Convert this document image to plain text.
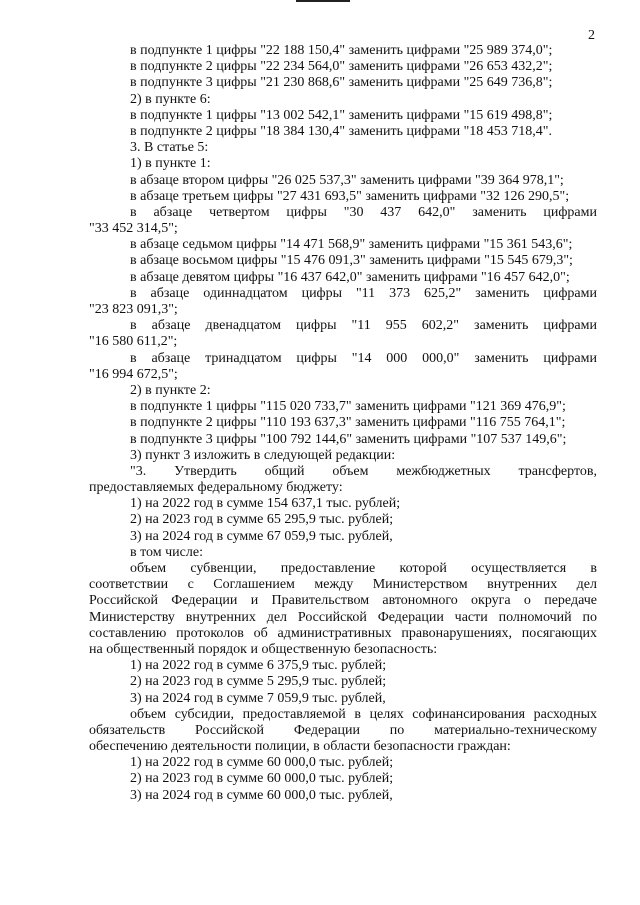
2
в подпункте 1 цифры "22 188 150,4" заменить цифрами "25 989 374,0";
в подпункте 2 цифры "22 234 564,0" заменить цифрами "26 653 432,2";
в подпункте 3 цифры "21 230 868,6" заменить цифрами "25 649 736,8";
2) в пункте 6:
в подпункте 1 цифры "13 002 542,1" заменить цифрами "15 619 498,8";
в подпункте 2 цифры "18 384 130,4" заменить цифрами "18 453 718,4".
3. В статье 5:
1) в пункте 1:
в абзаце втором цифры "26 025 537,3" заменить цифрами "39 364 978,1";
в абзаце третьем цифры "27 431 693,5" заменить цифрами "32 126 290,5";
в абзаце четвертом цифры "30 437 642,0" заменить цифрами
"33 452 314,5";
в абзаце седьмом цифры "14 471 568,9" заменить цифрами "15 361 543,6";
в абзаце восьмом цифры "15 476 091,3" заменить цифрами "15 545 679,3";
в абзаце девятом цифры "16 437 642,0" заменить цифрами "16 457 642,0";
в абзаце одиннадцатом цифры "11 373 625,2" заменить цифрами
"23 823 091,3";
в абзаце двенадцатом цифры "11 955 602,2" заменить цифрами
"16 580 611,2";
в абзаце тринадцатом цифры "14 000 000,0" заменить цифрами
"16 994 672,5";
2) в пункте 2:
в подпункте 1 цифры "115 020 733,7" заменить цифрами "121 369 476,9";
в подпункте 2 цифры "110 193 637,3" заменить цифрами "116 755 764,1";
в подпункте 3 цифры "100 792 144,6" заменить цифрами "107 537 149,6";
3) пункт 3 изложить в следующей редакции:
"3. Утвердить общий объем межбюджетных трансфертов,
предоставляемых федеральному бюджету:
1) на 2022 год в сумме 154 637,1 тыс. рублей;
2) на 2023 год в сумме 65 295,9 тыс. рублей;
3) на 2024 год в сумме 67 059,9 тыс. рублей,
в том числе:
объем субвенции, предоставление которой осуществляется в
соответствии с Соглашением между Министерством внутренних дел
Российской Федерации и Правительством автономного округа о передаче
Министерству внутренних дел Российской Федерации части полномочий по
составлению протоколов об административных правонарушениях, посягающих
на общественный порядок и общественную безопасность:
1) на 2022 год в сумме 6 375,9 тыс. рублей;
2) на 2023 год в сумме 5 295,9 тыс. рублей;
3) на 2024 год в сумме 7 059,9 тыс. рублей,
объем субсидии, предоставляемой в целях софинансирования расходных
обязательств Российской Федерации по материально-техническому
обеспечению деятельности полиции, в области безопасности граждан:
1) на 2022 год в сумме 60 000,0 тыс. рублей;
2) на 2023 год в сумме 60 000,0 тыс. рублей;
3) на 2024 год в сумме 60 000,0 тыс. рублей,
